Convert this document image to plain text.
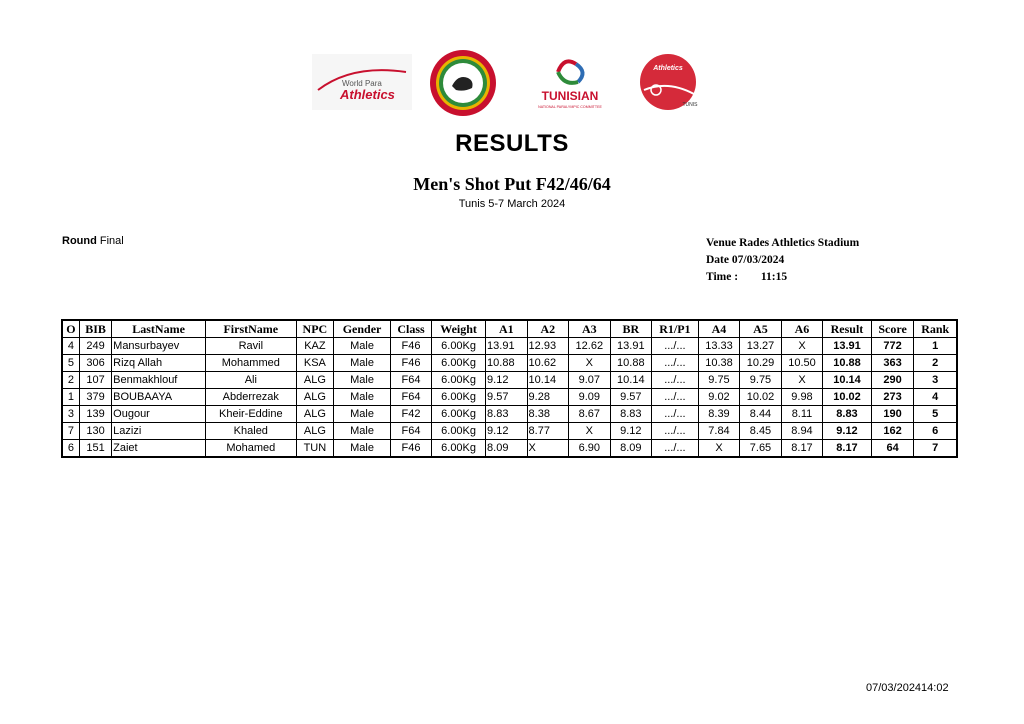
World Para
Athletics	TUNISIAN
NATIONAL PARALYMPIC COMMITTEE
Athletics
TUNIS
RESULTS
Men's Shot Put F42/46/64
Tunis 5-7 March 2024
Round Final	Venue Rades Athletics Stadium
Date 07/03/2024
Time : 11:15
O	BIB	LastName	FirstName	NPC	Gender	Class	Weight	A1	A2	A3	BR	R1/P1	A4	A5	A6	Result	Score	Rank
4	249	Mansurbayev	Ravil	KAZ	Male	F46	6.00Kg	13.91	12.93	12.62	13.91	.../...	13.33	13.27	X	13.91	772	1
5	306	Rizq Allah	Mohammed	KSA	Male	F46	6.00Kg	10.88	10.62	X	10.88	.../...	10.38	10.29	10.50	10.88	363	2
2	107	Benmakhlouf	Ali	ALG	Male	F64	6.00Kg	9.12	10.14	9.07	10.14	.../...	9.75	9.75	X	10.14	290	3
1	379	BOUBAAYA	Abderrezak	ALG	Male	F64	6.00Kg	9.57	9.28	9.09	9.57	.../...	9.02	10.02	9.98	10.02	273	4
3	139	Ougour	Kheir-Eddine	ALG	Male	F42	6.00Kg	8.83	8.38	8.67	8.83	.../...	8.39	8.44	8.11	8.83	190	5
7	130	Lazizi	Khaled	ALG	Male	F64	6.00Kg	9.12	8.77	X	9.12	.../...	7.84	8.45	8.94	9.12	162	6
6	151	Zaiet	Mohamed	TUN	Male	F46	6.00Kg	8.09	X	6.90	8.09	.../...	X	7.65	8.17	8.17	64	7
07/03/202414:02
